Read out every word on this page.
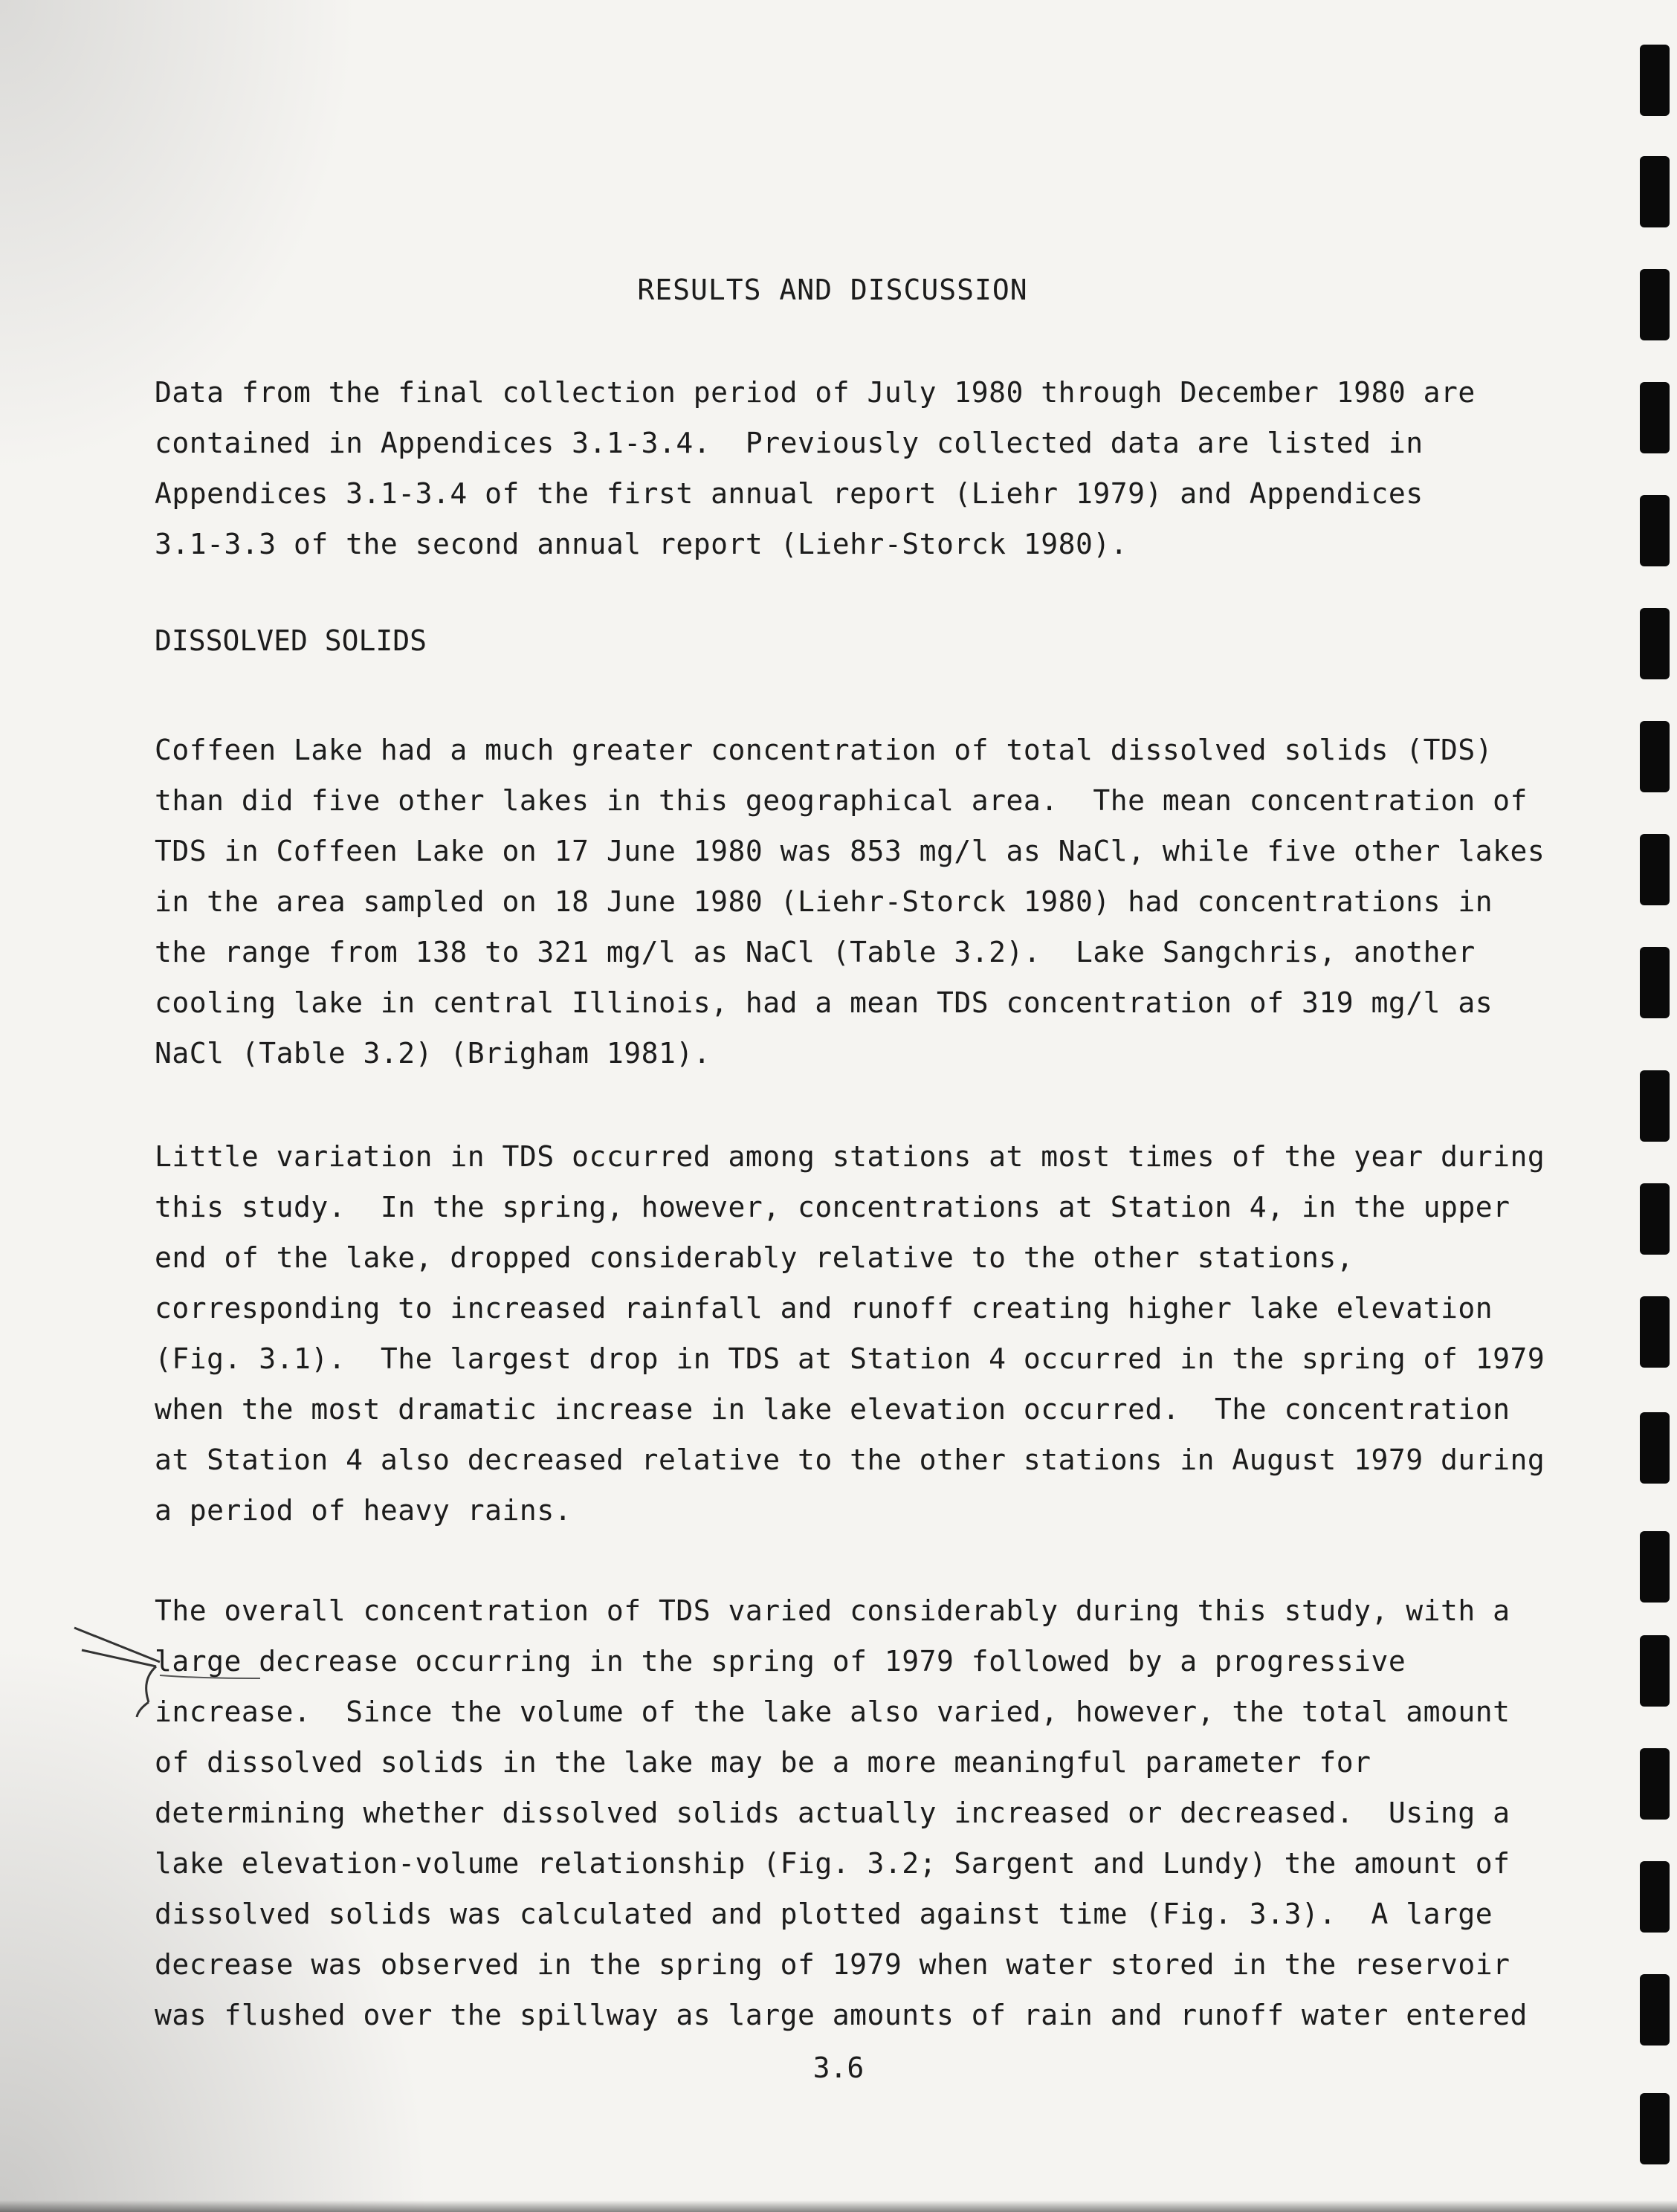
RESULTS AND DISCUSSION
Data from the final collection period of July 1980 through December 1980 are
contained in Appendices 3.1-3.4.  Previously collected data are listed in
Appendices 3.1-3.4 of the first annual report (Liehr 1979) and Appendices
3.1-3.3 of the second annual report (Liehr-Storck 1980).
DISSOLVED SOLIDS
Coffeen Lake had a much greater concentration of total dissolved solids (TDS)
than did five other lakes in this geographical area.  The mean concentration of
TDS in Coffeen Lake on 17 June 1980 was 853 mg/l as NaCl, while five other lakes
in the area sampled on 18 June 1980 (Liehr-Storck 1980) had concentrations in
the range from 138 to 321 mg/l as NaCl (Table 3.2).  Lake Sangchris, another
cooling lake in central Illinois, had a mean TDS concentration of 319 mg/l as
NaCl (Table 3.2) (Brigham 1981).
Little variation in TDS occurred among stations at most times of the year during
this study.  In the spring, however, concentrations at Station 4, in the upper
end of the lake, dropped considerably relative to the other stations,
corresponding to increased rainfall and runoff creating higher lake elevation
(Fig. 3.1).  The largest drop in TDS at Station 4 occurred in the spring of 1979
when the most dramatic increase in lake elevation occurred.  The concentration
at Station 4 also decreased relative to the other stations in August 1979 during
a period of heavy rains.
The overall concentration of TDS varied considerably during this study, with a
large decrease occurring in the spring of 1979 followed by a progressive
increase.  Since the volume of the lake also varied, however, the total amount
of dissolved solids in the lake may be a more meaningful parameter for
determining whether dissolved solids actually increased or decreased.  Using a
lake elevation-volume relationship (Fig. 3.2; Sargent and Lundy) the amount of
dissolved solids was calculated and plotted against time (Fig. 3.3).  A large
decrease was observed in the spring of 1979 when water stored in the reservoir
was flushed over the spillway as large amounts of rain and runoff water entered
3.6
